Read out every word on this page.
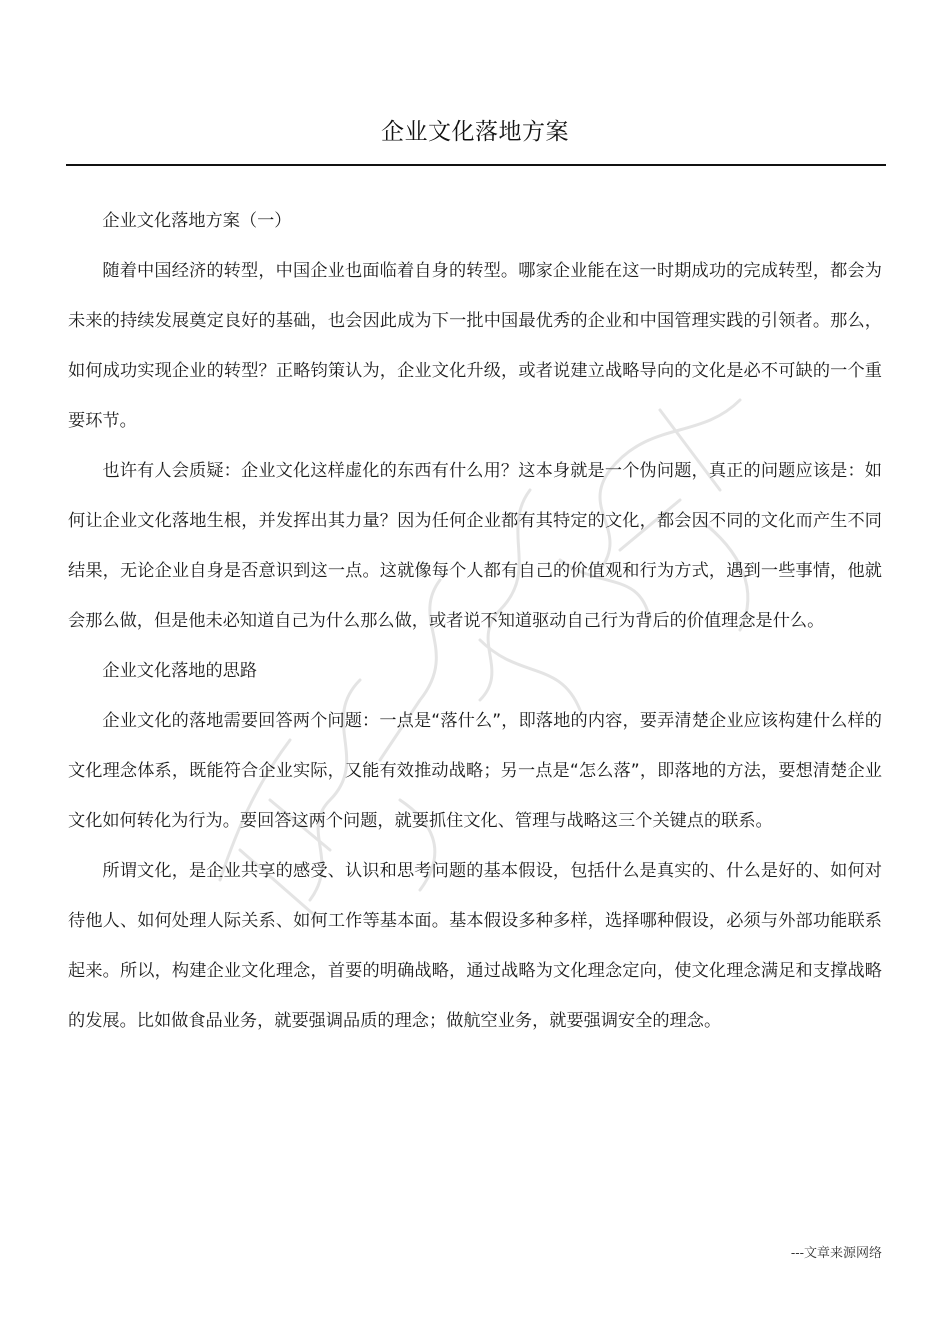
企业文化落地方案

企业文化落地方案（一）

随着中国经济的转型，中国企业也面临着自身的转型。哪家企业能在这一时期成功的完成转型，都会为未来的持续发展奠定良好的基础，也会因此成为下一批中国最优秀的企业和中国管理实践的引领者。那么，如何成功实现企业的转型？正略钧策认为，企业文化升级，或者说建立战略导向的文化是必不可缺的一个重要环节。

也许有人会质疑：企业文化这样虚化的东西有什么用？这本身就是一个伪问题，真正的问题应该是：如何让企业文化落地生根，并发挥出其力量？因为任何企业都有其特定的文化，都会因不同的文化而产生不同结果，无论企业自身是否意识到这一点。这就像每个人都有自己的价值观和行为方式，遇到一些事情，他就会那么做，但是他未必知道自己为什么那么做，或者说不知道驱动自己行为背后的价值理念是什么。

企业文化落地的思路

企业文化的落地需要回答两个问题：一点是“落什么”，即落地的内容，要弄清楚企业应该构建什么样的文化理念体系，既能符合企业实际，又能有效推动战略；另一点是“怎么落”，即落地的方法，要想清楚企业文化如何转化为行为。要回答这两个问题，就要抓住文化、管理与战略这三个关键点的联系。

所谓文化，是企业共享的感受、认识和思考问题的基本假设，包括什么是真实的、什么是好的、如何对待他人、如何处理人际关系、如何工作等基本面。基本假设多种多样，选择哪种假设，必须与外部功能联系起来。所以，构建企业文化理念，首要的明确战略，通过战略为文化理念定向，使文化理念满足和支撑战略的发展。比如做食品业务，就要强调品质的理念；做航空业务，就要强调安全的理念。

---文章来源网络
